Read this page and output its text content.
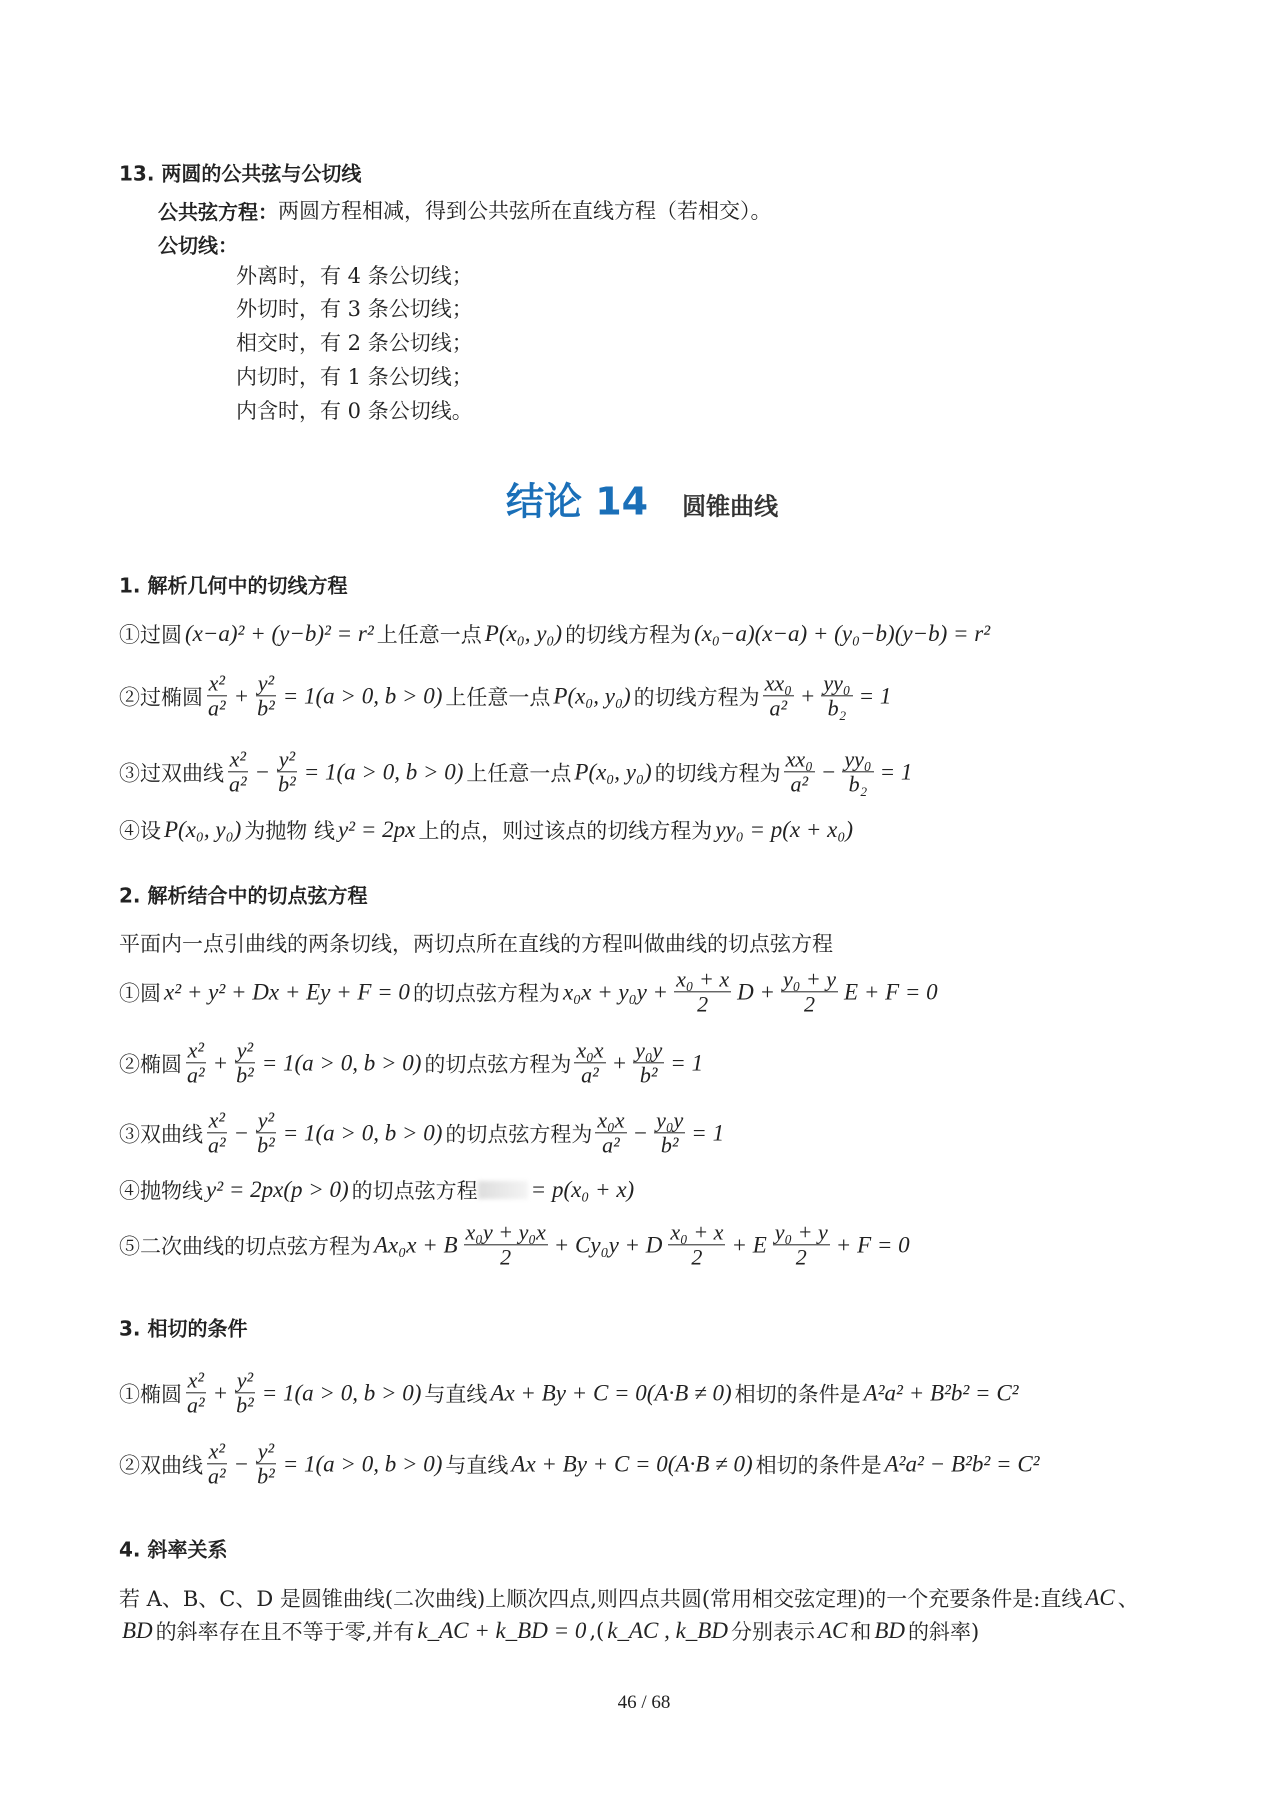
13. 两圆的公共弦与公切线
公共弦方程： 两圆方程相减，得到公共弦所在直线方程（若相交）。
公切线：
外离时，有 4 条公切线；
外切时，有 3 条公切线；
相交时，有 2 条公切线；
内切时，有 1 条公切线；
内含时，有 0 条公切线。
结论 14 圆锥曲线
1. 解析几何中的切线方程
①过圆 (x−a)² + (y−b)² = r² 上任意一点 P(x₀, y₀) 的切线方程为 (x₀−a)(x−a) + (y₀−b)(y−b) = r²
②过椭圆 $\frac{\text{x²}}{\text{a²}} + \frac{\text{y²}}{\text{b²}} = 1(a > 0$, b > 0) 上任意一点 P(x₀, y₀) 的切线方程为 $\frac{\text{xx₀}}{\text{a²}} + \frac{\text{yy₀}}{\text{b₂}} = 1$
③过双曲线 $\frac{\text{x²}}{\text{a²}} - \frac{\text{y²}}{\text{b²}} = 1(a > 0$, b > 0) 上任意一点 P(x₀, y₀) 的切线方程为 $\frac{\text{xx₀}}{\text{a²}} - \frac{\text{yy₀}}{\text{b₂}} = 1$
④设 P(x₀, y₀) 为抛物 线 y² = 2px 上的点，则过该点的切线方程为 yy₀ = p(x + x₀)
2. 解析结合中的切点弦方程
平面内一点引曲线的两条切线，两切点所在直线的方程叫做曲线的切点弦方程
①圆 x² + y² + Dx + Ey + F = 0 的切点弦方程为 $x_0x + y_0y + \frac{\text{x₀ + x}}{2}$ $D + \frac{\text{y₀ + y}}{2}$ E + F = 0
②椭圆 $\frac{\text{x²}}{\text{a²}} + \frac{\text{y²}}{\text{b²}} = 1(a > 0$, b > 0) 的切点弦方程为 $\frac{\text{x₀x}}{\text{a²}} + \frac{\text{y₀y}}{\text{b²}} = 1$
③双曲线 $\frac{\text{x²}}{\text{a²}} - \frac{\text{y²}}{\text{b²}} = 1(a > 0$, b > 0) 的切点弦方程为 $\frac{\text{x₀x}}{\text{a²}} - \frac{\text{y₀y}}{\text{b²}} = 1$
④抛物线 y² = 2px(p > 0) 的切点弦方程 = p(x₀ + x)
⑤二次曲线的切点弦方程为 Ax₀x + B $\frac{\text{x₀y + y₀x}}{2} + Cy_0y + D \frac{\text{x₀ + x}}{2} + E \frac{\text{y₀ + y}}{2} + F = 0$
3. 相切的条件
①椭圆 $\frac{\text{x²}}{\text{a²}} + \frac{\text{y²}}{\text{b²}} = 1(a > 0$, b > 0) 与直线 Ax + By + C = 0(A·B ≠ 0) 相切的条件是 A²a² + B²b² = C²
②双曲线 $\frac{\text{x²}}{\text{a²}} - \frac{\text{y²}}{\text{b²}} = 1(a > 0$, b > 0) 与直线 Ax + By + C = 0(A·B ≠ 0) 相切的条件是 A²a² − B²b² = C²
4. 斜率关系
若 A、B、C、D 是圆锥曲线(二次曲线)上顺次四点,则四点共圆(常用相交弦定理)的一个充要条件是:直线 AC 、
BD 的斜率存在且不等于零,并有 k_AC + k_BD = 0 ,( k_AC , k_BD 分别表示 AC 和 BD 的斜率)
46 / 68
